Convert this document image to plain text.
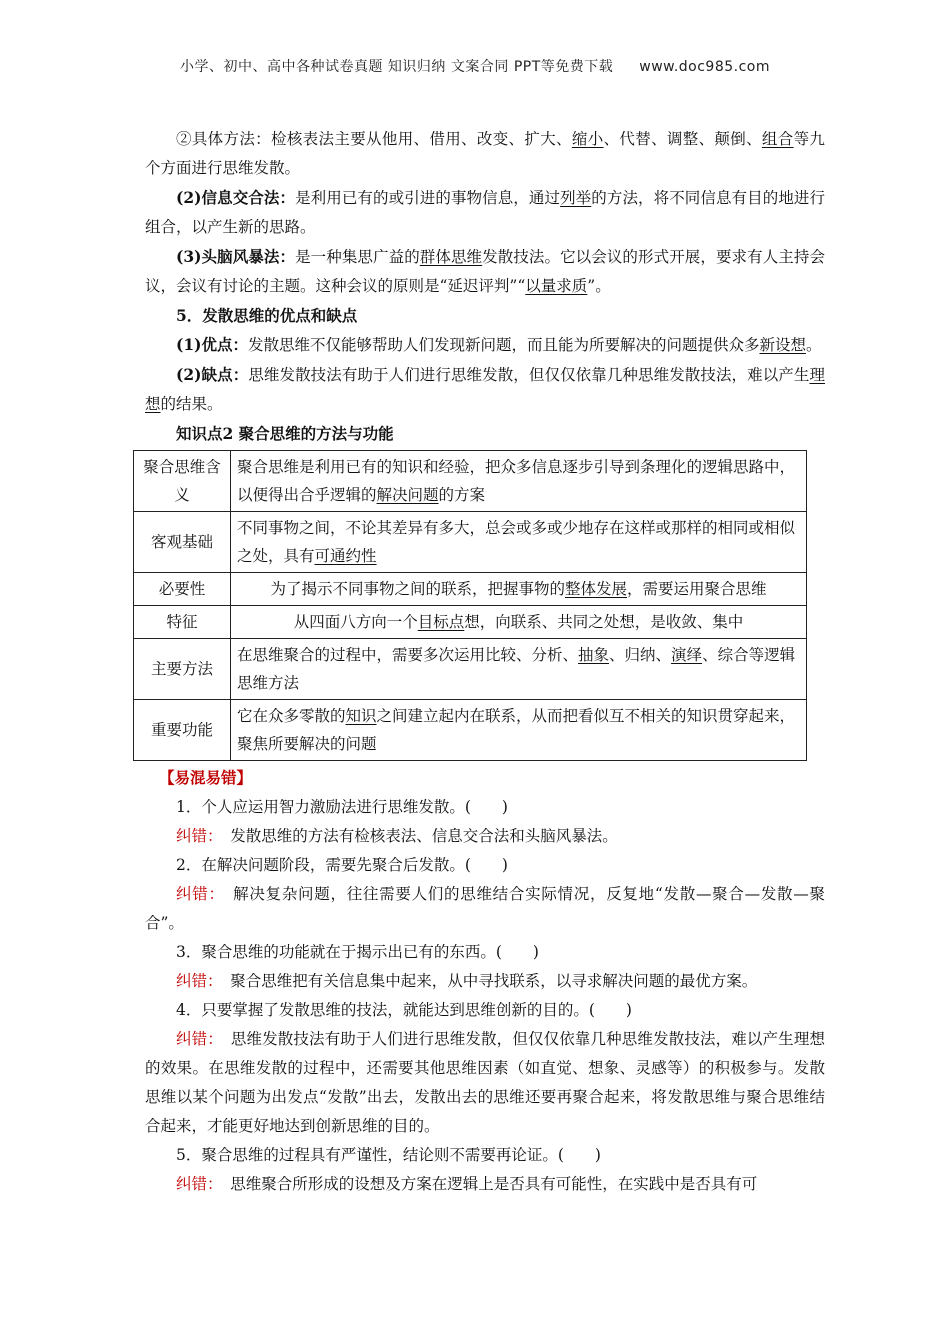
小学、初中、高中各种试卷真题 知识归纳 文案合同 PPT等免费下载 www.doc985.com

②具体方法：检核表法主要从他用、借用、改变、扩大、缩小、代替、调整、颠倒、组合等九个方面进行思维发散。

(2)信息交合法：是利用已有的或引进的事物信息，通过列举的方法，将不同信息有目的地进行组合，以产生新的思路。

(3)头脑风暴法：是一种集思广益的群体思维发散技法。它以会议的形式开展，要求有人主持会议，会议有讨论的主题。这种会议的原则是“延迟评判”“以量求质”。

5．发散思维的优点和缺点

(1)优点：发散思维不仅能够帮助人们发现新问题，而且能为所要解决的问题提供众多新设想。

(2)缺点：思维发散技法有助于人们进行思维发散，但仅仅依靠几种思维发散技法，难以产生理想的结果。

知识点2 聚合思维的方法与功能

聚合思维含义	聚合思维是利用已有的知识和经验，把众多信息逐步引导到条理化的逻辑思路中，以便得出合乎逻辑的解决问题的方案
客观基础	不同事物之间，不论其差异有多大，总会或多或少地存在这样或那样的相同或相似之处，具有可通约性
必要性	为了揭示不同事物之间的联系，把握事物的整体发展，需要运用聚合思维
特征	从四面八方向一个目标点想，向联系、共同之处想，是收敛、集中
主要方法	在思维聚合的过程中，需要多次运用比较、分析、抽象、归纳、演绎、综合等逻辑思维方法
重要功能	它在众多零散的知识之间建立起内在联系，从而把看似互不相关的知识贯穿起来，聚焦所要解决的问题

【易混易错】

1．个人应运用智力激励法进行思维发散。(　　)

纠错：　 发散思维的方法有检核表法、信息交合法和头脑风暴法。

2．在解决问题阶段，需要先聚合后发散。(　　)

纠错：　 解决复杂问题，往往需要人们的思维结合实际情况，反复地“发散—聚合—发散—聚合”。

3．聚合思维的功能就在于揭示出已有的东西。(　　)

纠错：　 聚合思维把有关信息集中起来，从中寻找联系，以寻求解决问题的最优方案。

4．只要掌握了发散思维的技法，就能达到思维创新的目的。(　　)

纠错：　 思维发散技法有助于人们进行思维发散，但仅仅依靠几种思维发散技法，难以产生理想的效果。在思维发散的过程中，还需要其他思维因素（如直觉、想象、灵感等）的积极参与。发散思维以某个问题为出发点“发散”出去，发散出去的思维还要再聚合起来，将发散思维与聚合思维结合起来，才能更好地达到创新思维的目的。

5．聚合思维的过程具有严谨性，结论则不需要再论证。(　　)

纠错：　 思维聚合所形成的设想及方案在逻辑上是否具有可能性，在实践中是否具有可
